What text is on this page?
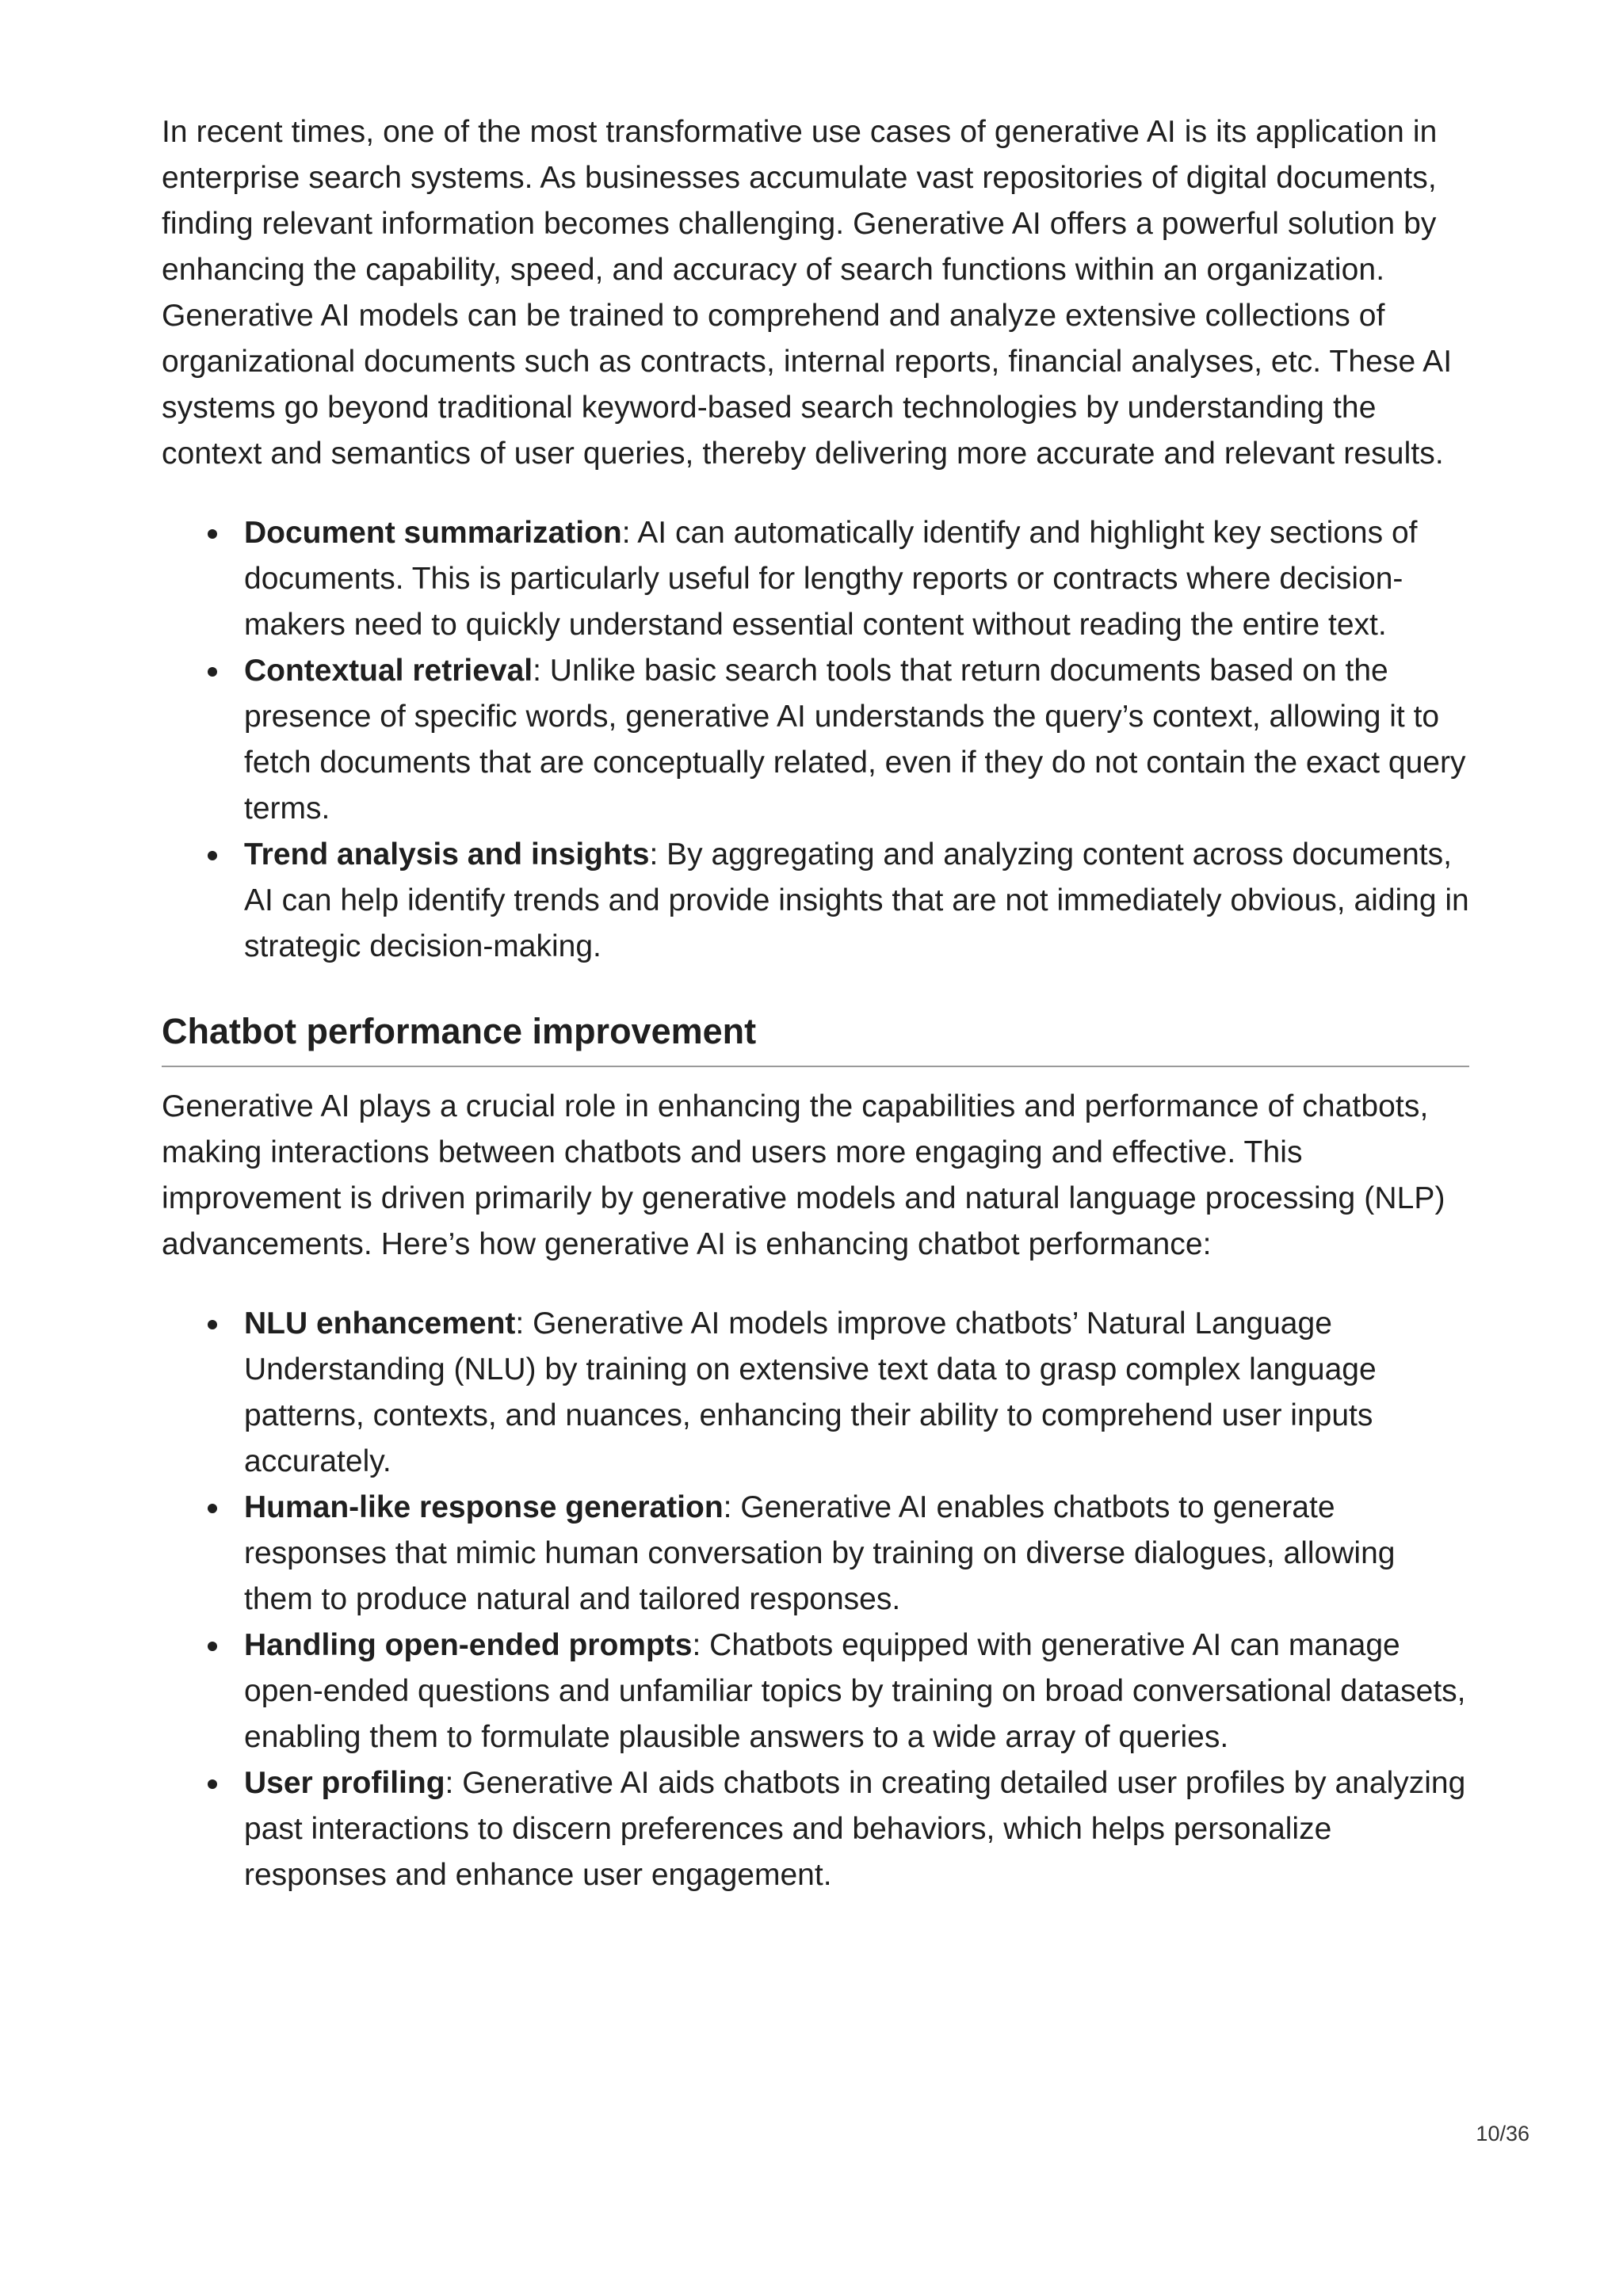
In recent times, one of the most transformative use cases of generative AI is its application in enterprise search systems. As businesses accumulate vast repositories of digital documents, finding relevant information becomes challenging. Generative AI offers a powerful solution by enhancing the capability, speed, and accuracy of search functions within an organization. Generative AI models can be trained to comprehend and analyze extensive collections of organizational documents such as contracts, internal reports, financial analyses, etc. These AI systems go beyond traditional keyword-based search technologies by understanding the context and semantics of user queries, thereby delivering more accurate and relevant results.

Document summarization: AI can automatically identify and highlight key sections of documents. This is particularly useful for lengthy reports or contracts where decision-makers need to quickly understand essential content without reading the entire text.
Contextual retrieval: Unlike basic search tools that return documents based on the presence of specific words, generative AI understands the query’s context, allowing it to fetch documents that are conceptually related, even if they do not contain the exact query terms.
Trend analysis and insights: By aggregating and analyzing content across documents, AI can help identify trends and provide insights that are not immediately obvious, aiding in strategic decision-making.
Chatbot performance improvement

Generative AI plays a crucial role in enhancing the capabilities and performance of chatbots, making interactions between chatbots and users more engaging and effective. This improvement is driven primarily by generative models and natural language processing (NLP) advancements. Here’s how generative AI is enhancing chatbot performance:

NLU enhancement: Generative AI models improve chatbots’ Natural Language Understanding (NLU) by training on extensive text data to grasp complex language patterns, contexts, and nuances, enhancing their ability to comprehend user inputs accurately.
Human-like response generation: Generative AI enables chatbots to generate responses that mimic human conversation by training on diverse dialogues, allowing them to produce natural and tailored responses.
Handling open-ended prompts: Chatbots equipped with generative AI can manage open-ended questions and unfamiliar topics by training on broad conversational datasets, enabling them to formulate plausible answers to a wide array of queries.
User profiling: Generative AI aids chatbots in creating detailed user profiles by analyzing past interactions to discern preferences and behaviors, which helps personalize responses and enhance user engagement.
10/36
